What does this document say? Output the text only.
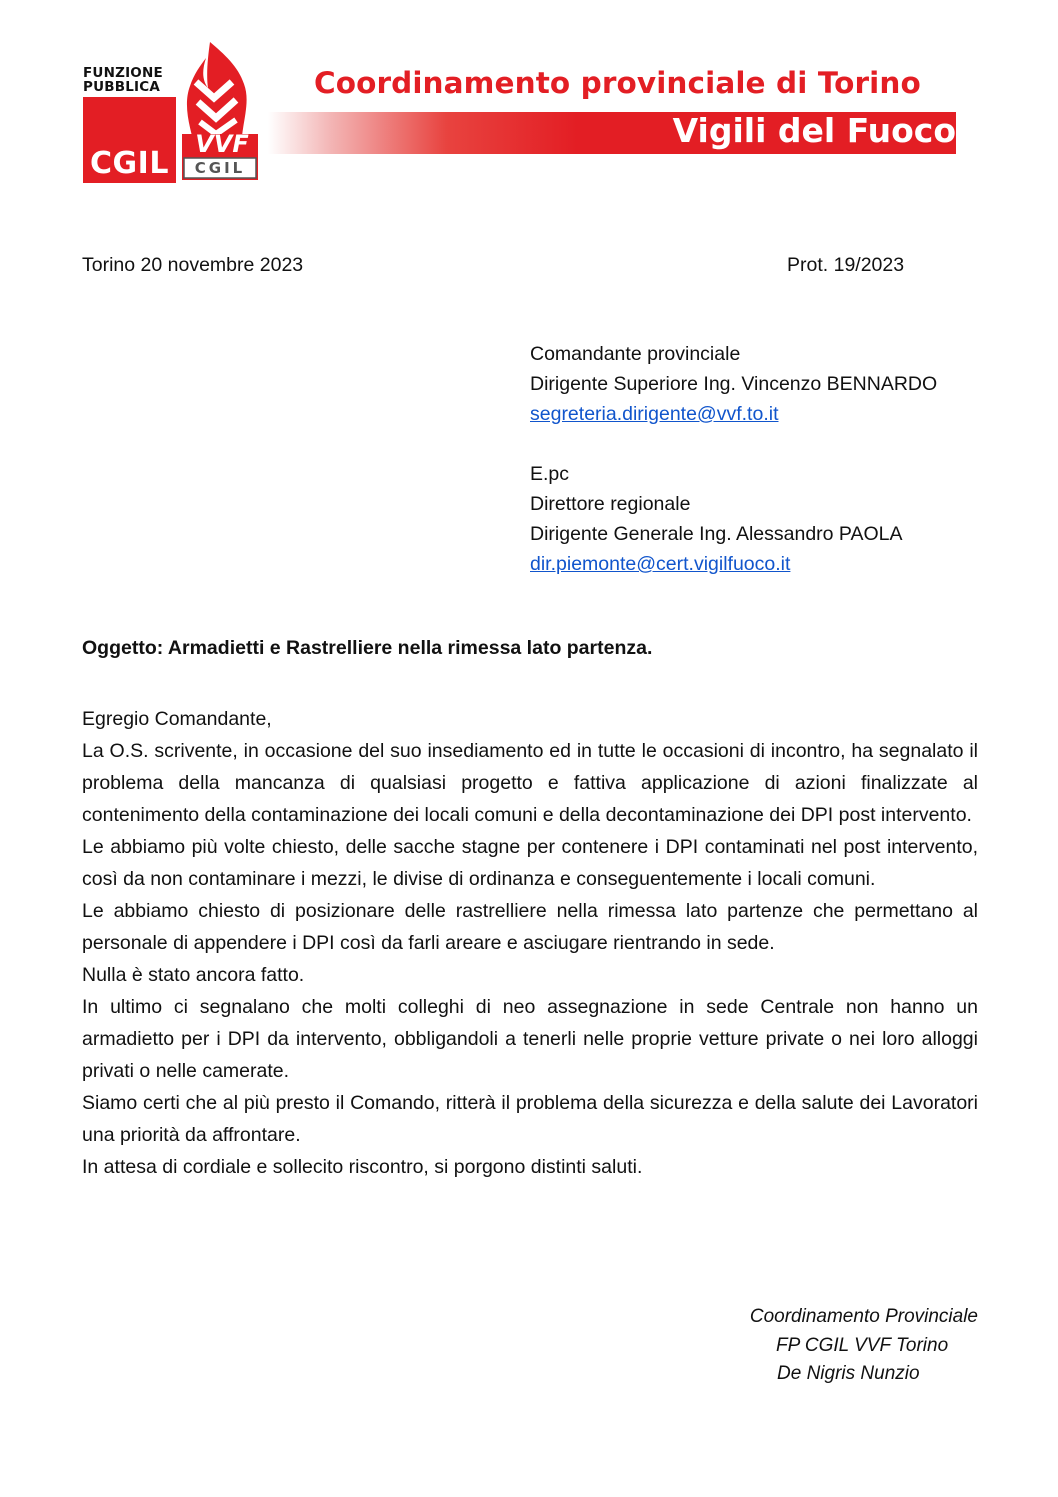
FUNZIONE
PUBBLICA
CGIL
VVF
CGIL
Coordinamento provinciale di Torino
Vigili del Fuoco
Torino 20 novembre 2023	Prot. 19/2023
Comandante provinciale
Dirigente Superiore Ing. Vincenzo BENNARDO
segreteria.dirigente@vvf.to.it
E.pc
Direttore regionale
Dirigente Generale Ing. Alessandro PAOLA
dir.piemonte@cert.vigilfuoco.it
Oggetto: Armadietti e Rastrelliere nella rimessa lato partenza.

Egregio Comandante,

La O.S. scrivente, in occasione del suo insediamento ed in tutte le occasioni di incontro, ha segnalato il problema della mancanza di qualsiasi progetto e fattiva applicazione di azioni finalizzate al contenimento della contaminazione dei locali comuni e della decontaminazione dei DPI post intervento.

Le abbiamo più volte chiesto, delle sacche stagne per contenere i DPI contaminati nel post intervento, così da non contaminare i mezzi, le divise di ordinanza e conseguentemente i locali comuni.

Le abbiamo chiesto di posizionare delle rastrelliere nella rimessa lato partenze che permettano al personale di appendere i DPI così da farli areare e asciugare rientrando in sede.

Nulla è stato ancora fatto.

In ultimo ci segnalano che molti colleghi di neo assegnazione in sede Centrale non hanno un armadietto per i DPI da intervento, obbligandoli a tenerli nelle proprie vetture private o nei loro alloggi privati o nelle camerate.

Siamo certi che al più presto il Comando, ritterà il problema della sicurezza e della salute dei Lavoratori una priorità da affrontare.

In attesa di cordiale e sollecito riscontro, si porgono distinti saluti.

Coordinamento Provinciale
FP CGIL VVF Torino
De Nigris Nunzio
